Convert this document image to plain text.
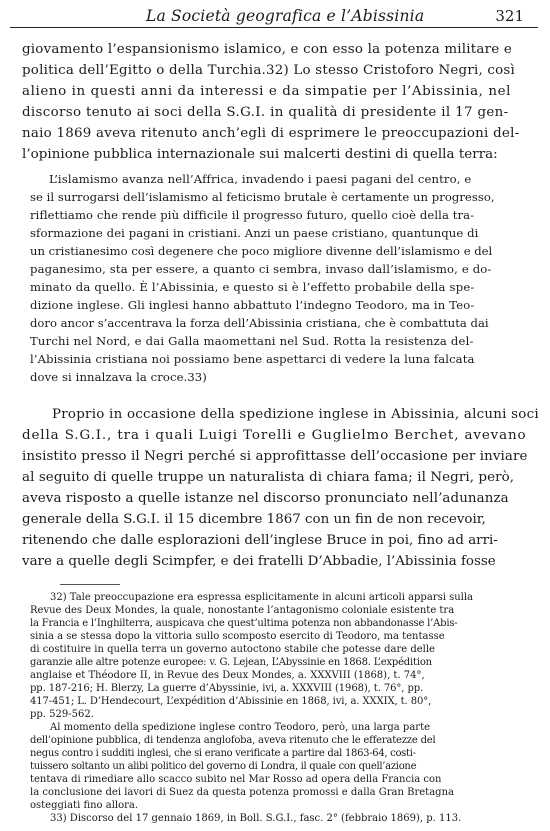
La Società geografica e l’Abissinia	321
giovamento l’espansionismo islamico, e con esso la potenza militare e
politica dell’Egitto o della Turchia.32) Lo stesso Cristoforo Negri, così
alieno in questi anni da interessi e da simpatie per l’Abissinia, nel
discorso tenuto ai soci della S.G.I. in qualità di presidente il 17 gen-
naio 1869 aveva ritenuto anch’egli di esprimere le preoccupazioni del-
l’opinione pubblica internazionale sui malcerti destini di quella terra:
L’islamismo avanza nell’Affrica, invadendo i paesi pagani del centro, e
se il surrogarsi dell’islamismo al feticismo brutale è certamente un progresso,
riflettiamo che rende più difficile il progresso futuro, quello cioè della tra-
sformazione dei pagani in cristiani. Anzi un paese cristiano, quantunque di
un cristianesimo così degenere che poco migliore divenne dell’islamismo e del
paganesimo, sta per essere, a quanto ci sembra, invaso dall’islamismo, e do-
minato da quello. È l’Abissinia, e questo si è l’effetto probabile della spe-
dizione inglese. Gli inglesi hanno abbattuto l’indegno Teodoro, ma in Teo-
doro ancor s’accentrava la forza dell’Abissinia cristiana, che è combattuta dai
Turchi nel Nord, e dai Galla maomettani nel Sud. Rotta la resistenza del-
l’Abissinia cristiana noi possiamo bene aspettarci di vedere la luna falcata
dove si innalzava la croce.33)
Proprio in occasione della spedizione inglese in Abissinia, alcuni soci
della S.G.I., tra i quali Luigi Torelli e Guglielmo Berchet, avevano
insistito presso il Negri perché si approfittasse dell’occasione per inviare
al seguito di quelle truppe un naturalista di chiara fama; il Negri, però,
aveva risposto a quelle istanze nel discorso pronunciato nell’adunanza
generale della S.G.I. il 15 dicembre 1867 con un fin de non recevoir,
ritenendo che dalle esplorazioni dell’inglese Bruce in poi, fino ad arri-
vare a quelle degli Scimpfer, e dei fratelli D’Abbadie, l’Abissinia fosse
32) Tale preoccupazione era espressa esplicitamente in alcuni articoli apparsi sulla
Revue des Deux Mondes, la quale, nonostante l’antagonismo coloniale esistente tra
la Francia e l’Inghilterra, auspicava che quest’ultima potenza non abbandonasse l’Abis-
sinia a se stessa dopo la vittoria sullo scomposto esercito di Teodoro, ma tentasse
di costituire in quella terra un governo autoctono stabile che potesse dare delle
garanzie alle altre potenze europee: v. G. Lejean, L’Abyssinie en 1868. L’expédition
anglaise et Théodore II, in Revue des Deux Mondes, a. XXXVIII (1868), t. 74°,
pp. 187-216; H. Blerzy, La guerre d’Abyssinie, ivi, a. XXXVIII (1968), t. 76°, pp.
417-451; L. D’Hendecourt, L’expédition d’Abissinie en 1868, ivi, a. XXXIX, t. 80°,
pp. 529-562.
Al momento della spedizione inglese contro Teodoro, però, una larga parte
dell’opinione pubblica, di tendenza anglofoba, aveva ritenuto che le efferatezze del
negus contro i sudditi inglesi, che si erano verificate a partire dal 1863-64, costi-
tuissero soltanto un alibi politico del governo di Londra, il quale con quell’azione
tentava di rimediare allo scacco subito nel Mar Rosso ad opera della Francia con
la conclusione dei lavori di Suez da questa potenza promossi e dalla Gran Bretagna
osteggiati fino allora.
33) Discorso del 17 gennaio 1869, in Boll. S.G.I., fasc. 2° (febbraio 1869), p. 113.
